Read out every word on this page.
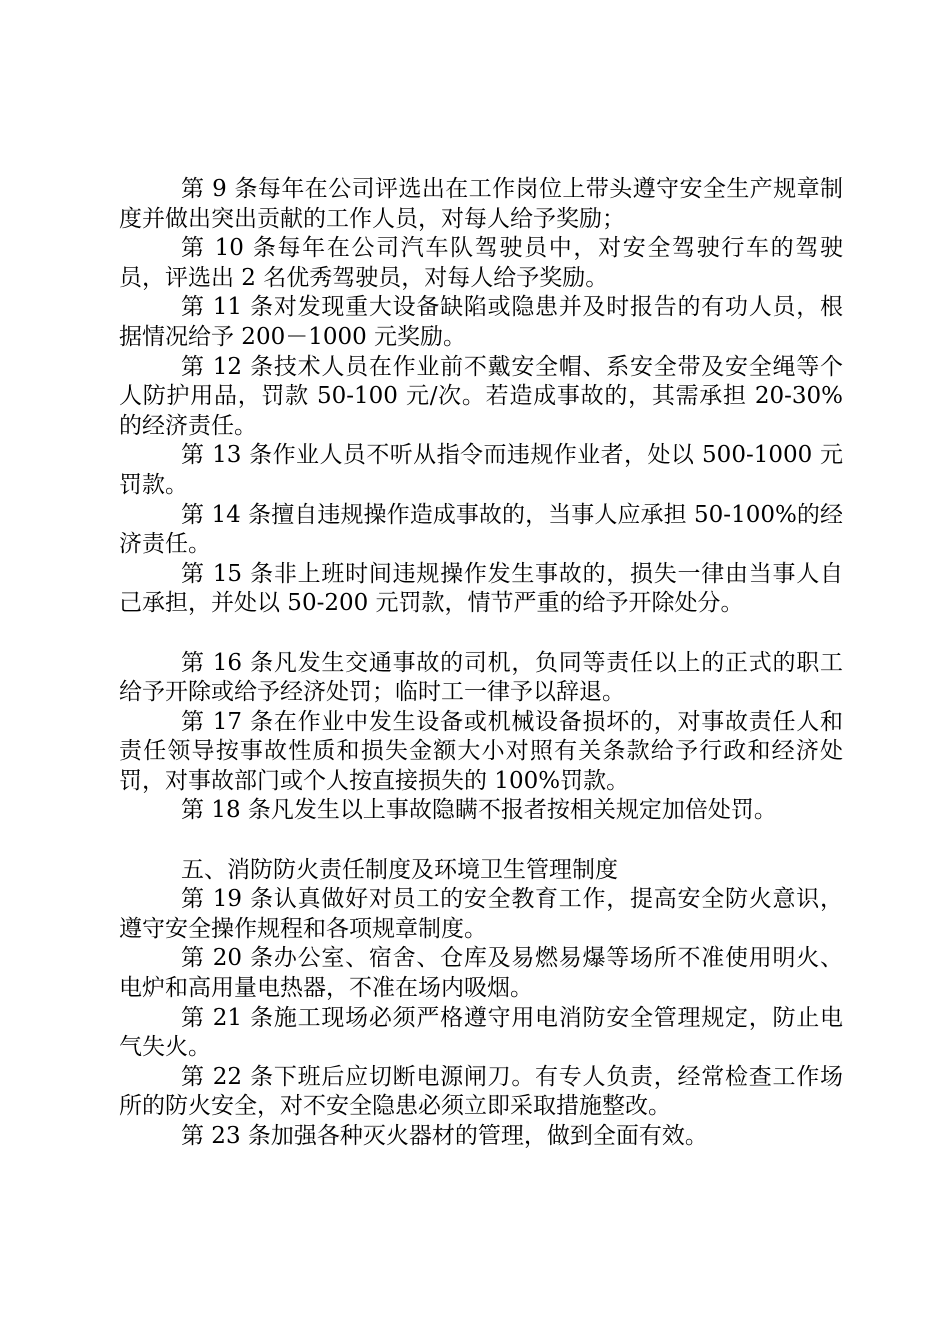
第 9 条每年在公司评选出在工作岗位上带头遵守安全生产规章制度并做出突出贡献的工作人员，对每人给予奖励；

第 10 条每年在公司汽车队驾驶员中，对安全驾驶行车的驾驶员，评选出 2 名优秀驾驶员，对每人给予奖励。

第 11 条对发现重大设备缺陷或隐患并及时报告的有功人员，根据情况给予 200－1000 元奖励。

第 12 条技术人员在作业前不戴安全帽、系安全带及安全绳等个人防护用品，罚款 50-100 元/次。若造成事故的，其需承担 20-30%的经济责任。

第 13 条作业人员不听从指令而违规作业者，处以 500-1000 元罚款。

第 14 条擅自违规操作造成事故的，当事人应承担 50-100%的经济责任。

第 15 条非上班时间违规操作发生事故的，损失一律由当事人自己承担，并处以 50-200 元罚款，情节严重的给予开除处分。

第 16 条凡发生交通事故的司机，负同等责任以上的正式的职工给予开除或给予经济处罚；临时工一律予以辞退。

第 17 条在作业中发生设备或机械设备损坏的，对事故责任人和责任领导按事故性质和损失金额大小对照有关条款给予行政和经济处罚，对事故部门或个人按直接损失的 100%罚款。

第 18 条凡发生以上事故隐瞒不报者按相关规定加倍处罚。

五、消防防火责任制度及环境卫生管理制度

第 19 条认真做好对员工的安全教育工作，提高安全防火意识，遵守安全操作规程和各项规章制度。

第 20 条办公室、宿舍、仓库及易燃易爆等场所不准使用明火、电炉和高用量电热器，不准在场内吸烟。

第 21 条施工现场必须严格遵守用电消防安全管理规定，防止电气失火。

第 22 条下班后应切断电源闸刀。有专人负责，经常检查工作场所的防火安全，对不安全隐患必须立即采取措施整改。

第 23 条加强各种灭火器材的管理，做到全面有效。
